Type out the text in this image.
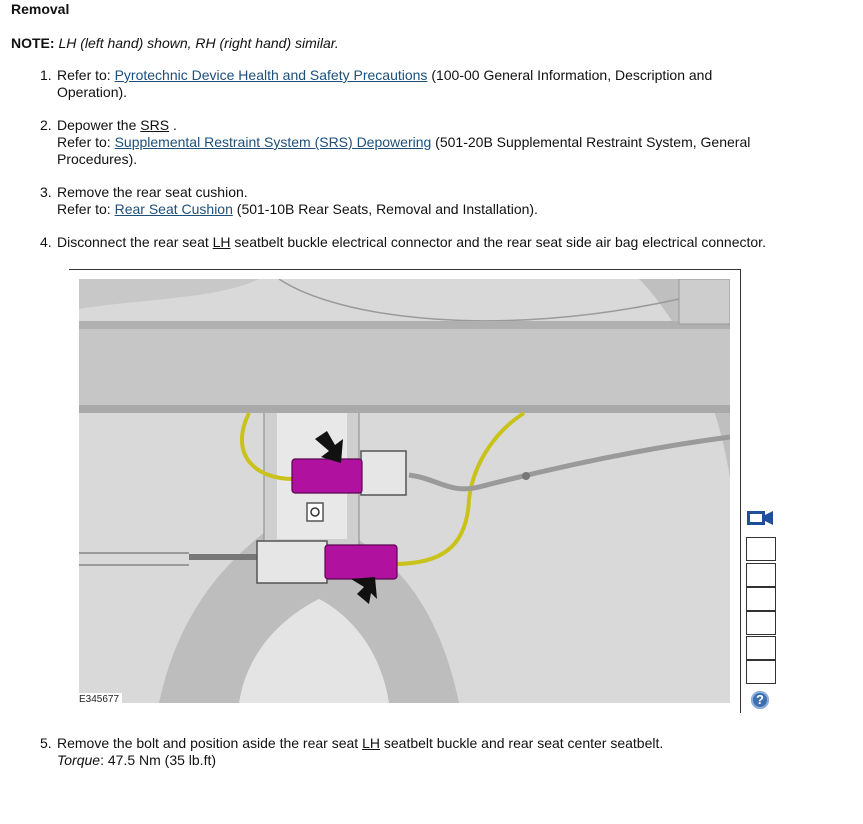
Removal
NOTE: LH (left hand) shown, RH (right hand) similar.
1. Refer to: Pyrotechnic Device Health and Safety Precautions (100-00 General Information, Description and
Operation).
2. Depower the SRS .
Refer to: Supplemental Restraint System (SRS) Depowering (501-20B Supplemental Restraint System, General
Procedures).
3. Remove the rear seat cushion.
Refer to: Rear Seat Cushion (501-10B Rear Seats, Removal and Installation).
4. Disconnect the rear seat LH seatbelt buckle electrical connector and the rear seat side air bag electrical connector.
E345677	?
5. Remove the bolt and position aside the rear seat LH seatbelt buckle and rear seat center seatbelt.
Torque: 47.5 Nm (35 lb.ft)
